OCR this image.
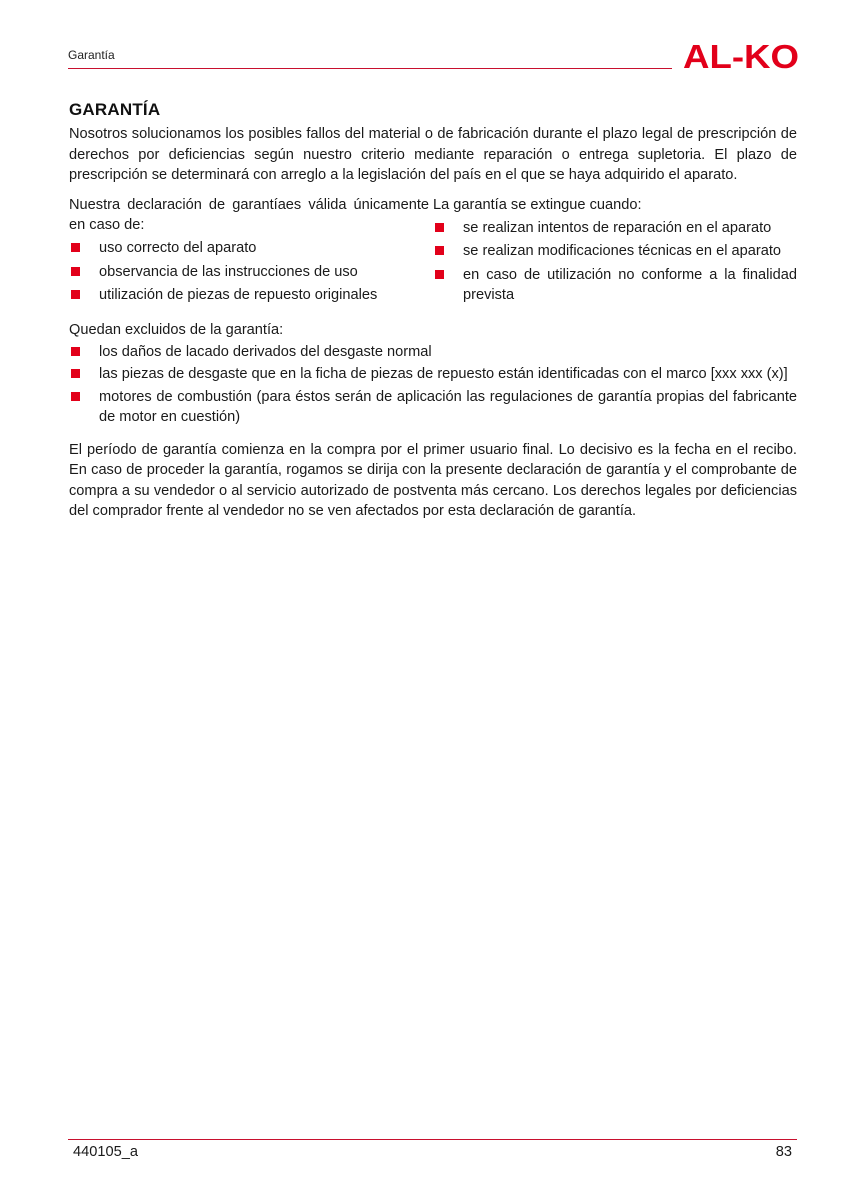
Garantía	AL-KO
GARANTÍA

Nosotros solucionamos los posibles fallos del material o de fabricación durante el plazo legal de prescripción de derechos por deficiencias según nuestro criterio mediante reparación o entrega supletoria. El plazo de prescripción se determinará con arreglo a la legislación del país en el que se haya adquirido el aparato.

Nuestra declaración de garantíaes válida únicamente en caso de:

uso correcto del aparato
observancia de las instrucciones de uso
utilización de piezas de repuesto originales

La garantía se extingue cuando:

se realizan intentos de reparación en el aparato
se realizan modificaciones técnicas en el aparato
en caso de utilización no conforme a la finalidad prevista

Quedan excluidos de la garantía:

los daños de lacado derivados del desgaste normal
las piezas de desgaste que en la ficha de piezas de repuesto están identificadas con el marco [xxx xxx (x)]
motores de combustión (para éstos serán de aplicación las regulaciones de garantía propias del fabricante de motor en cuestión)

El período de garantía comienza en la compra por el primer usuario final. Lo decisivo es la fecha en el recibo. En caso de proceder la garantía, rogamos se dirija con la presente declaración de garantía y el comprobante de compra a su vendedor o al servicio autorizado de postventa más cercano. Los derechos legales por deficiencias del comprador frente al vendedor no se ven afectados por esta declaración de garantía.

440105_a	83
